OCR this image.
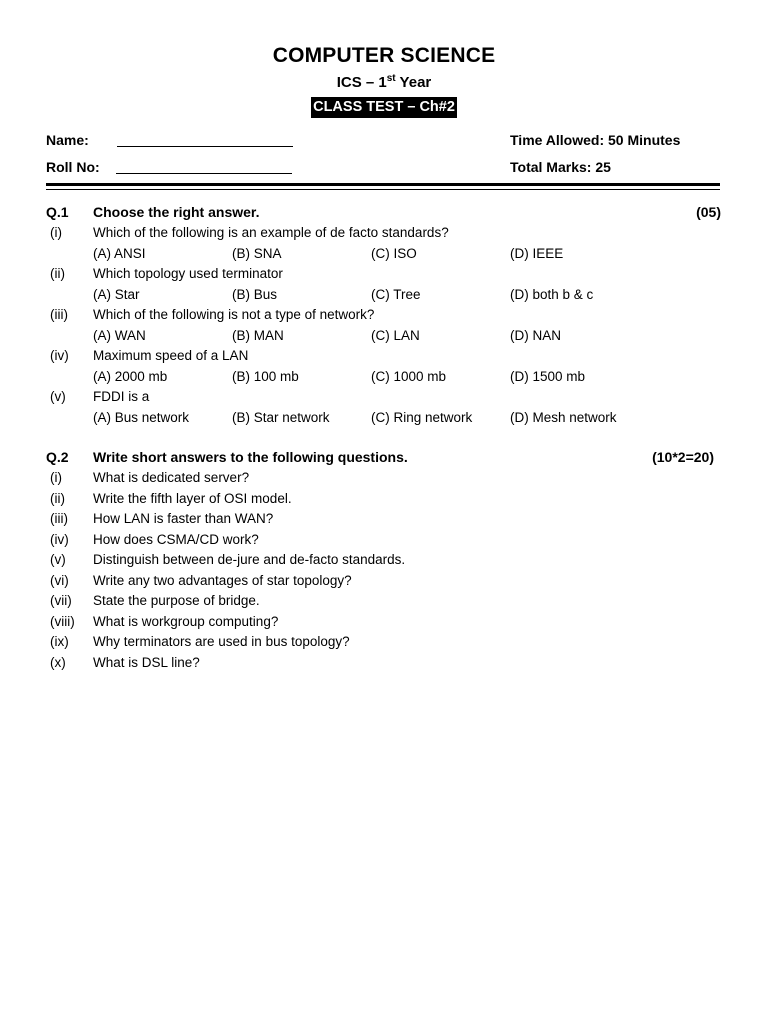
COMPUTER SCIENCE
ICS – 1st Year
CLASS TEST – Ch#2
Name:	Time Allowed: 50 Minutes
Roll No:	Total Marks: 25
Q.1 Choose the right answer.	(05)
(i) Which of the following is an example of de facto standards?
(A) ANSI	(B) SNA	(C) ISO	(D) IEEE
(ii) Which topology used terminator
(A) Star	(B) Bus	(C) Tree	(D) both b & c
(iii) Which of the following is not a type of network?
(A) WAN	(B) MAN	(C) LAN	(D) NAN
(iv) Maximum speed of a LAN
(A) 2000 mb	(B) 100 mb	(C) 1000 mb	(D) 1500 mb
(v) FDDI is a
(A) Bus network	(B) Star network	(C) Ring network	(D) Mesh network
Q.2 Write short answers to the following questions.	(10*2=20)
(i) What is dedicated server?
(ii) Write the fifth layer of OSI model.
(iii) How LAN is faster than WAN?
(iv) How does CSMA/CD work?
(v) Distinguish between de-jure and de-facto standards.
(vi) Write any two advantages of star topology?
(vii) State the purpose of bridge.
(viii) What is workgroup computing?
(ix) Why terminators are used in bus topology?
(x) What is DSL line?
